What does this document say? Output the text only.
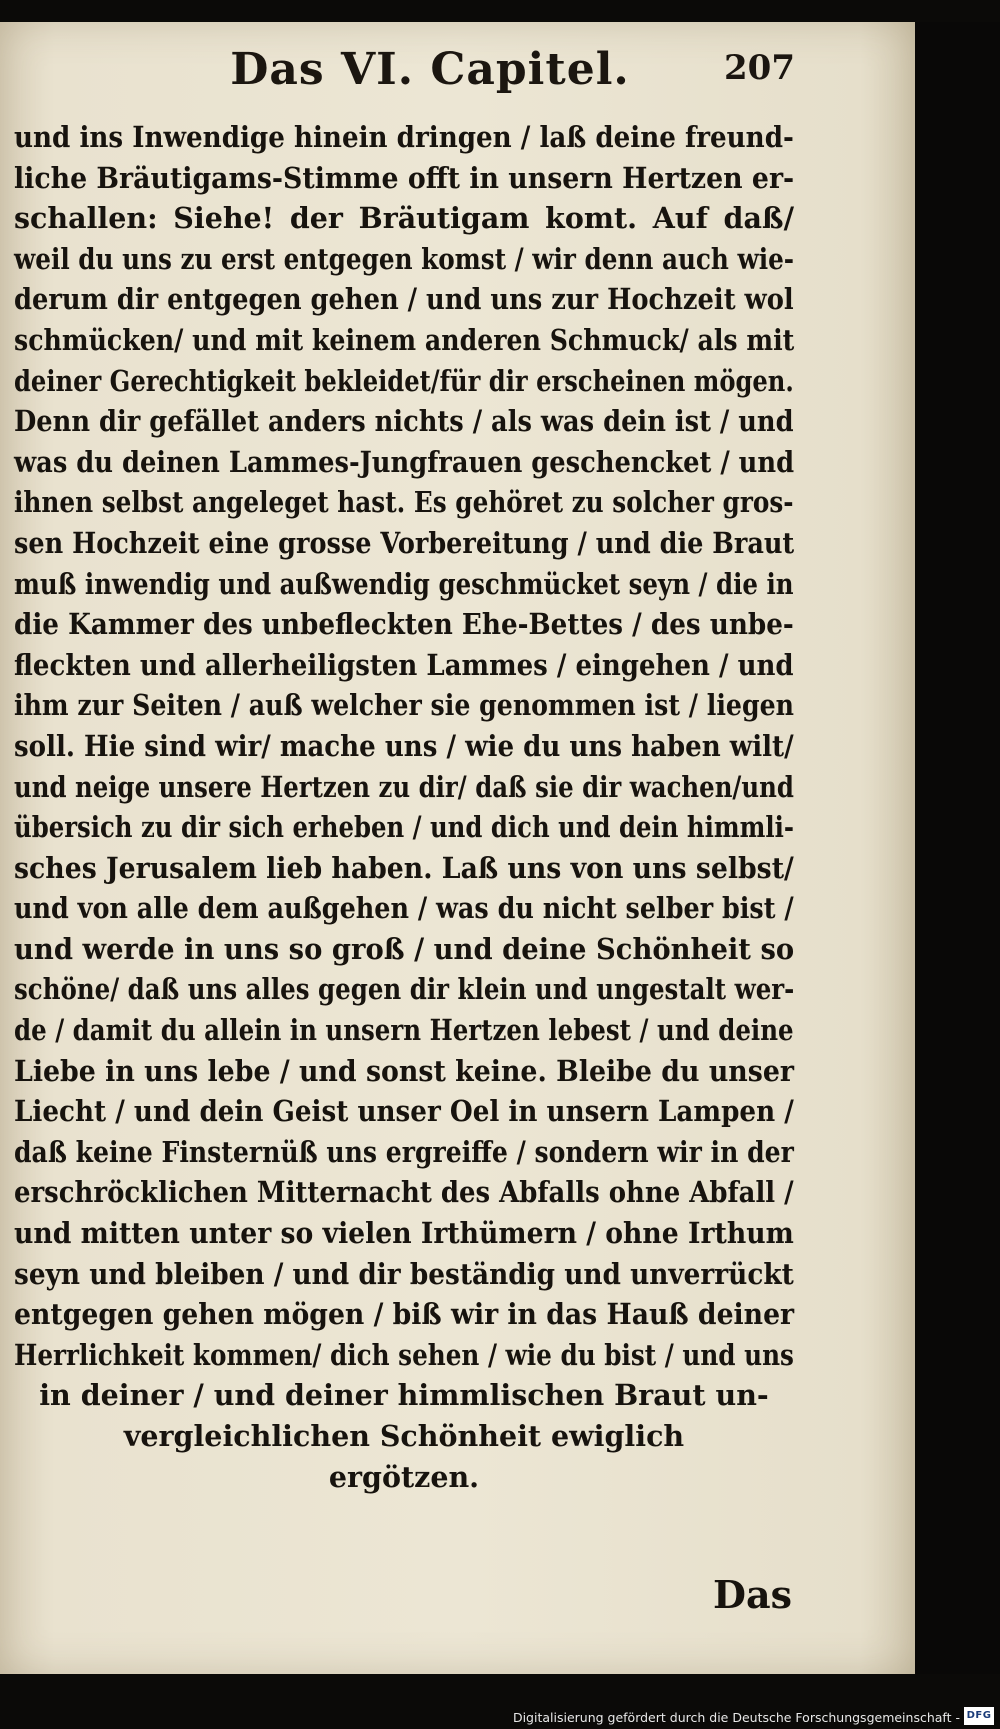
Das VI. Capitel.	207
und ins Inwendige hinein dringen / laß deine freund-
liche Bräutigams-Stimme offt in unsern Hertzen er-
schallen: Siehe! der Bräutigam komt. Auf daß/
weil du uns zu erst entgegen komst / wir denn auch wie-
derum dir entgegen gehen / und uns zur Hochzeit wol
schmücken/ und mit keinem anderen Schmuck/ als mit
deiner Gerechtigkeit bekleidet/für dir erscheinen mögen.
Denn dir gefället anders nichts / als was dein ist / und
was du deinen Lammes-Jungfrauen geschencket / und
ihnen selbst angeleget hast. Es gehöret zu solcher gros-
sen Hochzeit eine grosse Vorbereitung / und die Braut
muß inwendig und außwendig geschmücket seyn / die in
die Kammer des unbefleckten Ehe-Bettes / des unbe-
fleckten und allerheiligsten Lammes / eingehen / und
ihm zur Seiten / auß welcher sie genommen ist / liegen
soll. Hie sind wir/ mache uns / wie du uns haben wilt/
und neige unsere Hertzen zu dir/ daß sie dir wachen/und
übersich zu dir sich erheben / und dich und dein himmli-
sches Jerusalem lieb haben. Laß uns von uns selbst/
und von alle dem außgehen / was du nicht selber bist /
und werde in uns so groß / und deine Schönheit so
schöne/ daß uns alles gegen dir klein und ungestalt wer-
de / damit du allein in unsern Hertzen lebest / und deine
Liebe in uns lebe / und sonst keine. Bleibe du unser
Liecht / und dein Geist unser Oel in unsern Lampen /
daß keine Finsternüß uns ergreiffe / sondern wir in der
erschröcklichen Mitternacht des Abfalls ohne Abfall /
und mitten unter so vielen Irthümern / ohne Irthum
seyn und bleiben / und dir beständig und unverrückt
entgegen gehen mögen / biß wir in das Hauß deiner
Herrlichkeit kommen/ dich sehen / wie du bist / und uns
in deiner / und deiner himmlischen Braut un-
vergleichlichen Schönheit ewiglich
ergötzen.
Das
Digitalisierung gefördert durch die Deutsche Forschungsgemeinschaft - DFG
